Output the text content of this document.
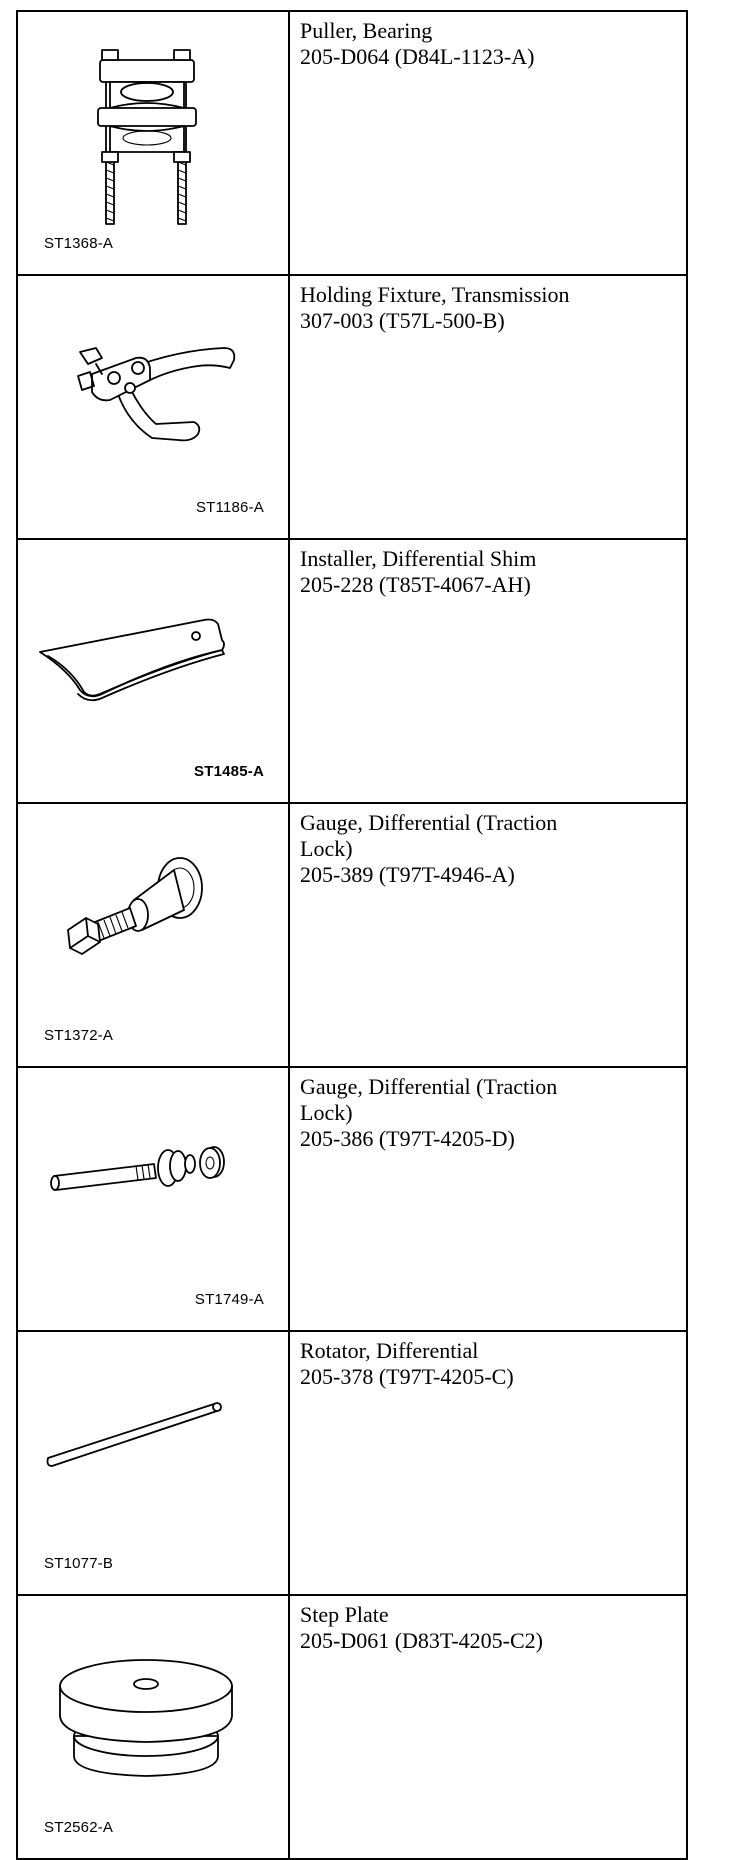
ST1368-A	Puller, Bearing
205-D064 (D84L-1123-A)

ST1186-A	Holding Fixture, Transmission
307-003 (T57L-500-B)

ST1485-A	Installer, Differential Shim
205-228 (T85T-4067-AH)

ST1372-A	Gauge, Differential (Traction
Lock)
205-389 (T97T-4946-A)

ST1749-A	Gauge, Differential (Traction
Lock)
205-386 (T97T-4205-D)

ST1077-B	Rotator, Differential
205-378 (T97T-4205-C)

ST2562-A	Step Plate
205-D061 (D83T-4205-C2)
